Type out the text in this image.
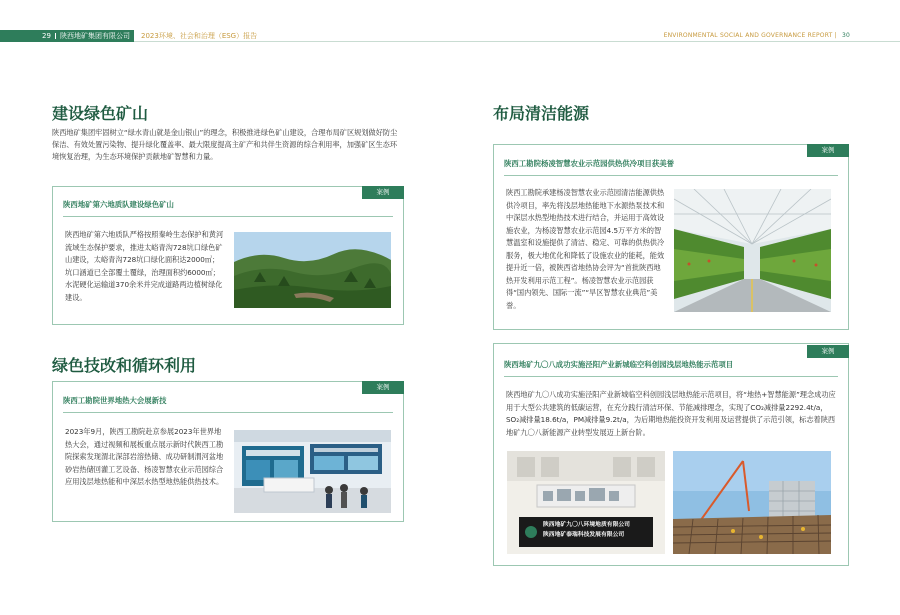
29 陕西地矿集团有限公司 2023环境、社会和治理（ESG）报告	ENVIRONMENTAL SOCIAL AND GOVERNANCE REPORT | 30
建设绿色矿山
陕西地矿集团牢固树立“绿水青山就是金山银山”的理念，积极推进绿色矿山建设，合理布局矿区规划做好防尘保洁、有效处置污染物、提升绿化覆盖率、最大限度提高主矿产和共伴生资源的综合利用率，加强矿区生态环境恢复治理，为生态环境保护贡献地矿智慧和力量。
案例
陕西地矿第六地质队建设绿色矿山
陕西地矿第六地质队严格按照秦岭生态保护和黄河流域生态保护要求，推进太峪青沟728坑口绿色矿山建设，太峪青沟728坑口绿化面积达2000㎡；坑口涵道已全部覆土覆绿，治理面积约6000㎡；水泥硬化运输道370余米并完成道路两边植树绿化建设。
绿色技改和循环利用
案例
陕西工勘院世界地热大会展新技
2023年9月，陕西工勘院赴京参展2023年世界地热大会，通过视频和展板重点展示新时代陕西工勘院探索发现渭北深部岩溶热储、成功研制渭河盆地砂岩热储回灌工艺设备、杨凌智慧农业示范园综合应用浅层地热能和中深层水热型地热能供热技术。
布局清洁能源
案例
陕西工勘院杨凌智慧农业示范园供热供冷项目获美誉
陕西工勘院承建杨凌智慧农业示范园清洁能源供热供冷项目，率先将浅层地热能地下水源热泵技术和中深层水热型地热技术进行结合，并运用于高效设施农业，为杨凌智慧农业示范园4.5万平方米的智慧温室和设施提供了清洁、稳定、可靠的供热供冷服务，极大地优化和降低了设施农业的能耗，能效提升近一倍，被陕西省地热协会评为“首批陕西地热开发利用示范工程”。杨凌智慧农业示范园获得“国内领先、国际一流”“旱区智慧农业典范”美誉。
案例
陕西地矿九〇八成功实施泾阳产业新城临空科创园浅层地热能示范项目
陕西地矿九〇八成功实施泾阳产业新城临空科创园浅层地热能示范项目，将“地热+智慧能源”理念成功应用于大型公共建筑的低碳运营，在充分践行清洁环保、节能减排理念，实现了CO₂减排量2292.4t/a，SO₂减排量18.6t/a，PM减排量9.2t/a，为后期地热能投资开发利用及运营提供了示范引领，标志着陕西地矿九〇八新能源产业转型发展迈上新台阶。
陕西地矿九〇八环境地质有限公司
陕西地矿泰瑞科技发展有限公司
